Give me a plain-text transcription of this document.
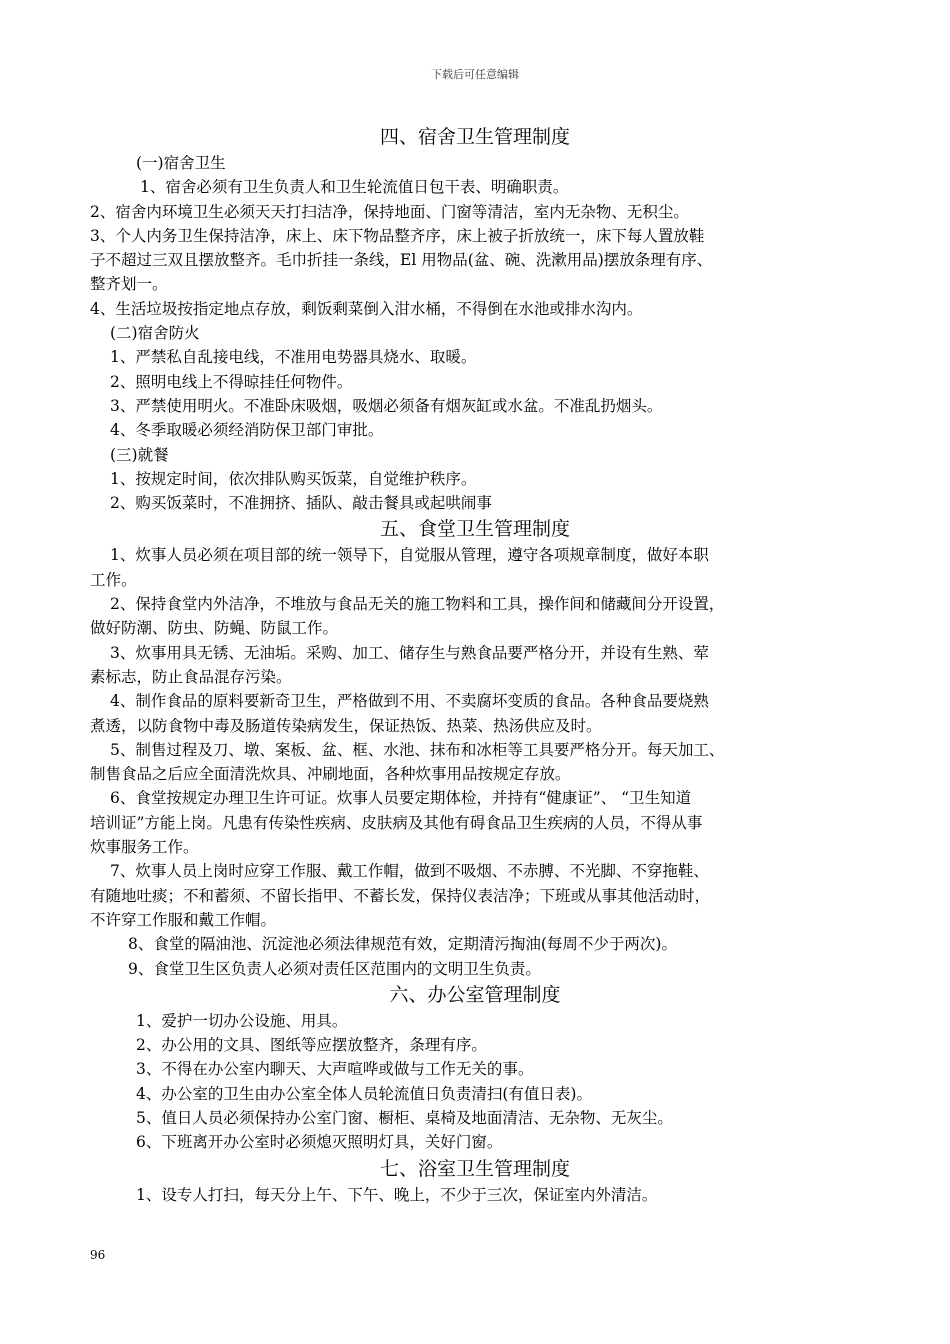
下载后可任意编辑
四、宿舍卫生管理制度
(一)宿舍卫生
1、宿舍必须有卫生负责人和卫生轮流值日包干表、明确职责。
2、宿舍内环境卫生必须天天打扫洁净，保持地面、门窗等清洁，室内无杂物、无积尘。
3、个人内务卫生保持洁净，床上、床下物品整齐序，床上被子折放统一，床下每人置放鞋
子不超过三双且摆放整齐。毛巾折挂一条线，El 用物品(盆、碗、洗漱用品)摆放条理有序、
整齐划一。
4、生活垃圾按指定地点存放，剩饭剩菜倒入泔水桶，不得倒在水池或排水沟内。
(二)宿舍防火
1、严禁私自乱接电线，不准用电势器具烧水、取暖。
2、照明电线上不得晾挂任何物件。
3、严禁使用明火。不准卧床吸烟，吸烟必须备有烟灰缸或水盆。不准乱扔烟头。
4、冬季取暖必须经消防保卫部门审批。
(三)就餐
1、按规定时间，依次排队购买饭菜，自觉维护秩序。
2、购买饭菜时，不准拥挤、插队、敲击餐具或起哄闹事
五、食堂卫生管理制度
1、炊事人员必须在项目部的统一领导下，自觉服从管理，遵守各项规章制度，做好本职
工作。
2、保持食堂内外洁净，不堆放与食品无关的施工物料和工具，操作间和储藏间分开设置，
做好防潮、防虫、防蝇、防鼠工作。
3、炊事用具无锈、无油垢。采购、加工、储存生与熟食品要严格分开，并设有生熟、荤
素标志，防止食品混存污染。
4、制作食品的原料要新奇卫生，严格做到不用、不卖腐坏变质的食品。各种食品要烧熟
煮透，以防食物中毒及肠道传染病发生，保证热饭、热菜、热汤供应及时。
5、制售过程及刀、墩、案板、盆、框、水池、抹布和冰柜等工具要严格分开。每天加工、
制售食品之后应全面清洗炊具、冲刷地面，各种炊事用品按规定存放。
6、食堂按规定办理卫生许可证。炊事人员要定期体检，并持有“健康证”、 “卫生知道
培训证”方能上岗。凡患有传染性疾病、皮肤病及其他有碍食品卫生疾病的人员，不得从事
炊事服务工作。
7、炊事人员上岗时应穿工作服、戴工作帽，做到不吸烟、不赤膊、不光脚、不穿拖鞋、
有随地吐痰；不和蓄须、不留长指甲、不蓄长发，保持仪表洁净；下班或从事其他活动时，
不许穿工作服和戴工作帽。
8、食堂的隔油池、沉淀池必须法律规范有效，定期清污掏油(每周不少于两次)。
9、食堂卫生区负责人必须对责任区范围内的文明卫生负责。
六、办公室管理制度
1、爱护一切办公设施、用具。
2、办公用的文具、图纸等应摆放整齐，条理有序。
3、不得在办公室内聊天、大声喧哗或做与工作无关的事。
4、办公室的卫生由办公室全体人员轮流值日负责清扫(有值日表)。
5、值日人员必须保持办公室门窗、橱柜、桌椅及地面清洁、无杂物、无灰尘。
6、下班离开办公室时必须熄灭照明灯具，关好门窗。
七、浴室卫生管理制度
1、设专人打扫，每天分上午、下午、晚上，不少于三次，保证室内外清洁。
96
